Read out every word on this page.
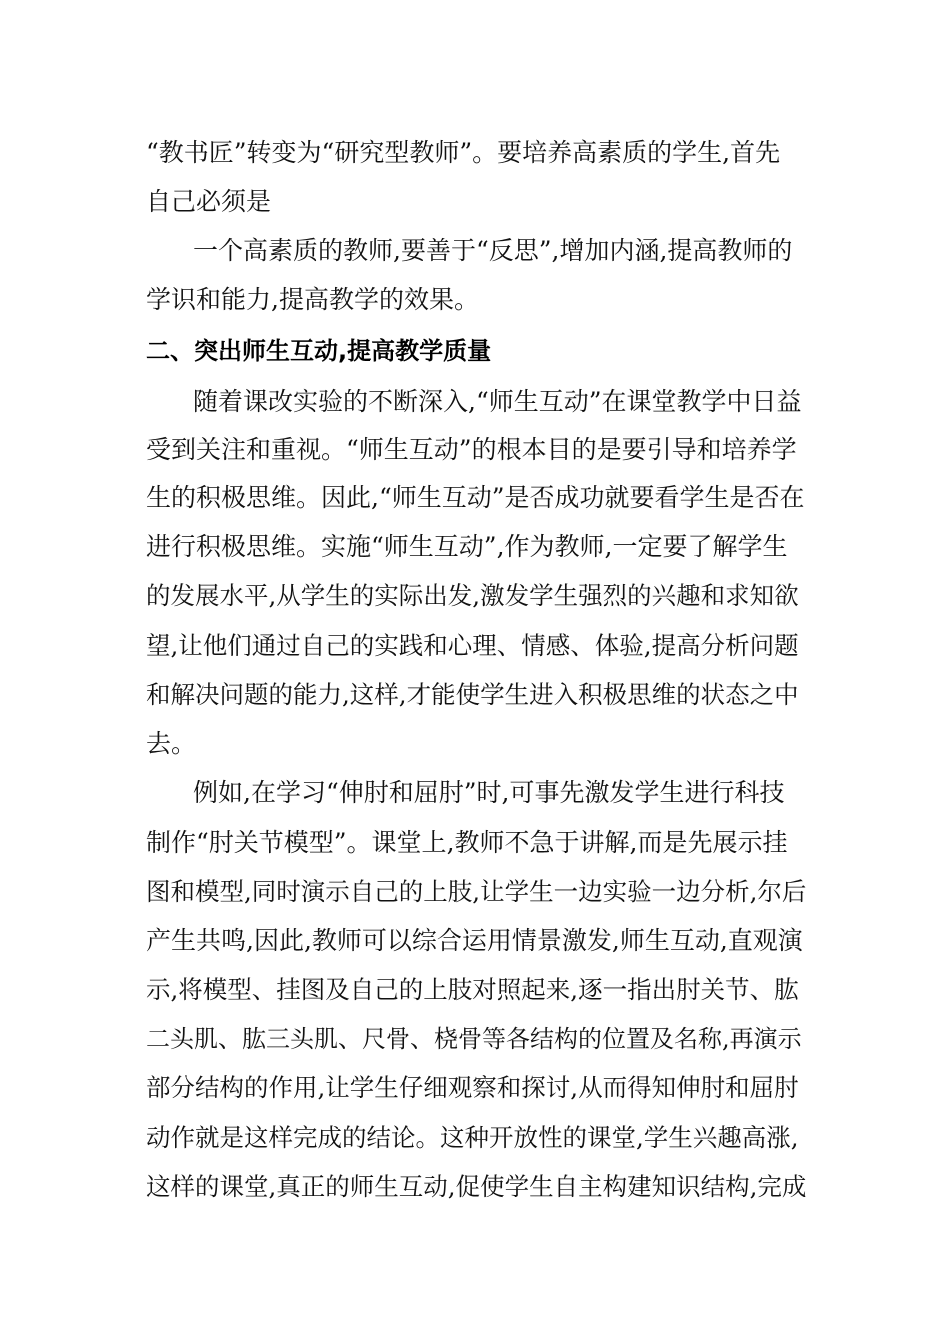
“教书匠”转变为“研究型教师”。要培养高素质的学生,首先
自己必须是
一个高素质的教师,要善于“反思”,增加内涵,提高教师的
学识和能力,提高教学的效果。
二、突出师生互动,提高教学质量
随着课改实验的不断深入,“师生互动”在课堂教学中日益
受到关注和重视。“师生互动”的根本目的是要引导和培养学
生的积极思维。因此,“师生互动”是否成功就要看学生是否在
进行积极思维。实施“师生互动”,作为教师,一定要了解学生
的发展水平,从学生的实际出发,激发学生强烈的兴趣和求知欲
望,让他们通过自己的实践和心理、情感、体验,提高分析问题
和解决问题的能力,这样,才能使学生进入积极思维的状态之中
去。
例如,在学习“伸肘和屈肘”时,可事先激发学生进行科技
制作“肘关节模型”。课堂上,教师不急于讲解,而是先展示挂
图和模型,同时演示自己的上肢,让学生一边实验一边分析,尔后
产生共鸣,因此,教师可以综合运用情景激发,师生互动,直观演
示,将模型、挂图及自己的上肢对照起来,逐一指出肘关节、肱
二头肌、肱三头肌、尺骨、桡骨等各结构的位置及名称,再演示
部分结构的作用,让学生仔细观察和探讨,从而得知伸肘和屈肘
动作就是这样完成的结论。这种开放性的课堂,学生兴趣高涨,
这样的课堂,真正的师生互动,促使学生自主构建知识结构,完成
